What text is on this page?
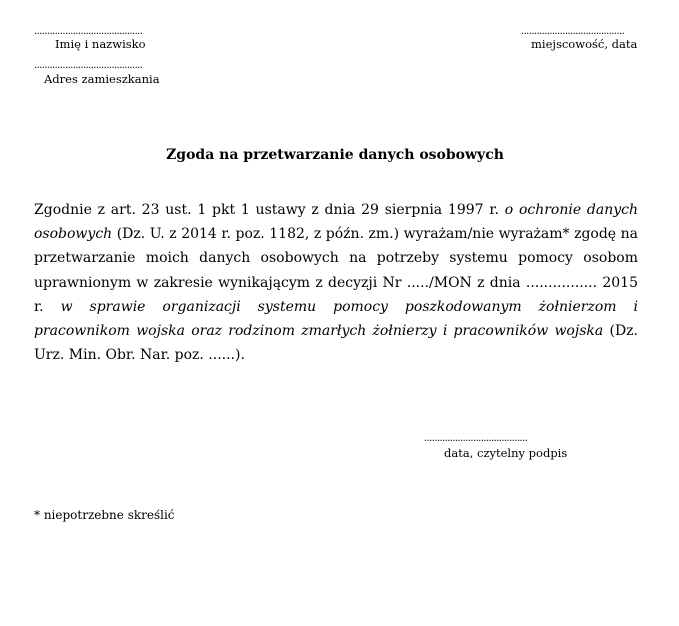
..........................................
Imię i nazwisko
........................................
miejscowość, data
..........................................
Adres zamieszkania
Zgoda na przetwarzanie danych osobowych
Zgodnie z art. 23 ust. 1 pkt 1 ustawy z dnia 29 sierpnia 1997 r. o ochronie danych osobowych (Dz. U. z 2014 r. poz. 1182, z późn. zm.) wyrażam/nie wyrażam* zgodę na przetwarzanie moich danych osobowych na potrzeby systemu pomocy osobom uprawnionym w zakresie wynikającym z decyzji Nr ...../MON z dnia ................ 2015 r. w sprawie organizacji systemu pomocy poszkodowanym żołnierzom i pracownikom wojska oraz rodzinom zmarłych żołnierzy i pracowników wojska (Dz. Urz. Min. Obr. Nar. poz. ......).
........................................
data, czytelny podpis
* niepotrzebne skreślić
